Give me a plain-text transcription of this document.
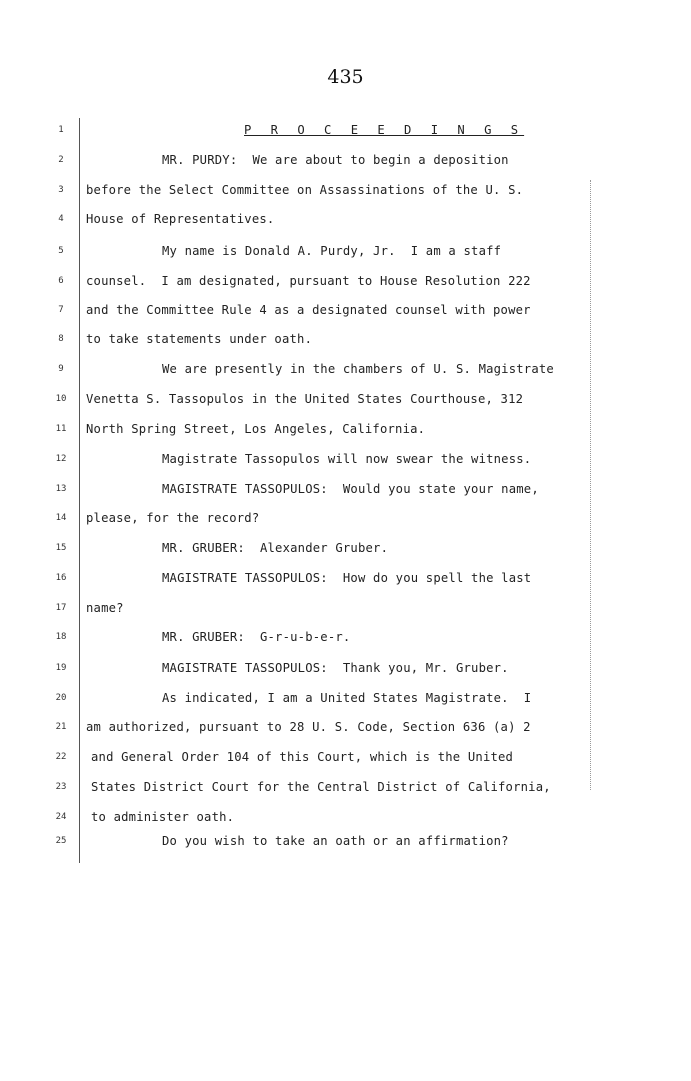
435
1	P R O C E E D I N G S
2	MR. PURDY:  We are about to begin a deposition
3	before the Select Committee on Assassinations of the U. S.
4	House of Representatives.
5	My name is Donald A. Purdy, Jr.  I am a staff
6	counsel.  I am designated, pursuant to House Resolution 222
7	and the Committee Rule 4 as a designated counsel with power
8	to take statements under oath.
9	We are presently in the chambers of U. S. Magistrate
10	Venetta S. Tassopulos in the United States Courthouse, 312
11	North Spring Street, Los Angeles, California.
12	Magistrate Tassopulos will now swear the witness.
13	MAGISTRATE TASSOPULOS:  Would you state your name,
14	please, for the record?
15	MR. GRUBER:  Alexander Gruber.
16	MAGISTRATE TASSOPULOS:  How do you spell the last
17	name?
18	MR. GRUBER:  G-r-u-b-e-r.
19	MAGISTRATE TASSOPULOS:  Thank you, Mr. Gruber.
20	As indicated, I am a United States Magistrate.  I
21	am authorized, pursuant to 28 U. S. Code, Section 636 (a) 2
22	and General Order 104 of this Court, which is the United
23	States District Court for the Central District of California,
24	to administer oath.
25	Do you wish to take an oath or an affirmation?
